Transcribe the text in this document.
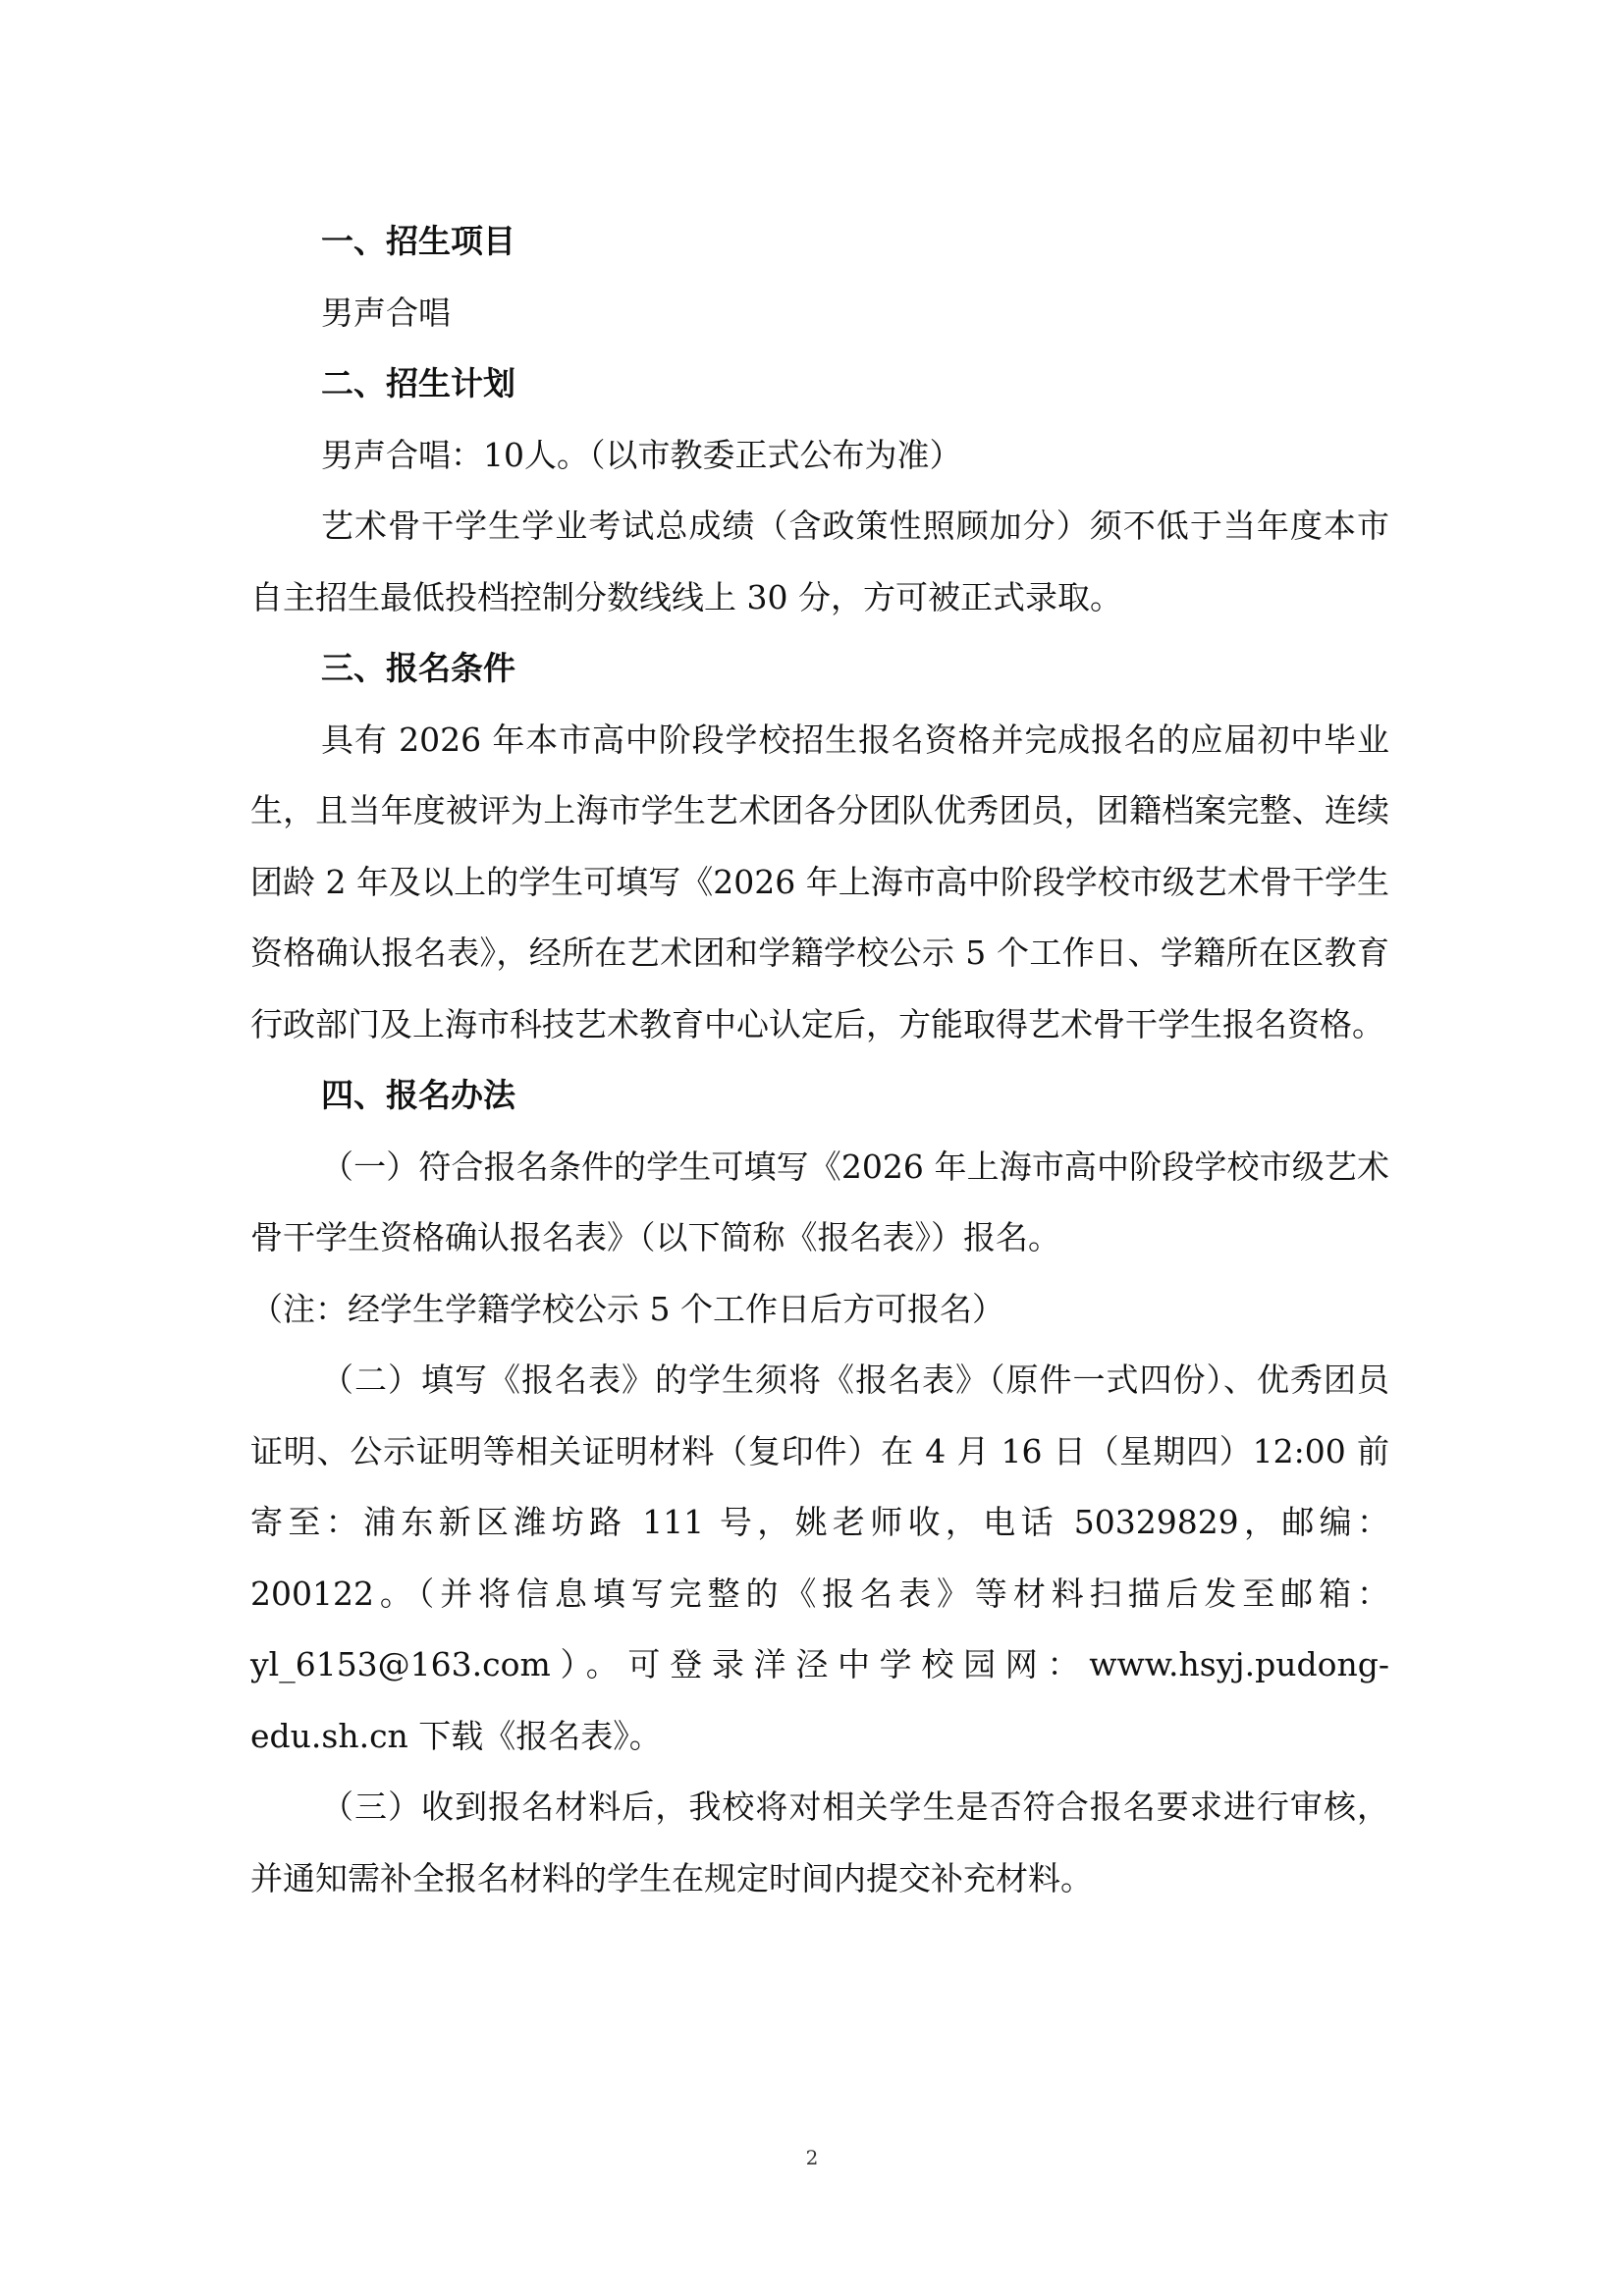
一、招生项目

男声合唱

二、招生计划

男声合唱：10人。（以市教委正式公布为准）

艺术骨干学生学业考试总成绩（含政策性照顾加分）须不低于当年度本市自主招生最低投档控制分数线线上 30 分，方可被正式录取。

三、报名条件

具有 2026 年本市高中阶段学校招生报名资格并完成报名的应届初中毕业生，且当年度被评为上海市学生艺术团各分团队优秀团员，团籍档案完整、连续团龄 2 年及以上的学生可填写《2026 年上海市高中阶段学校市级艺术骨干学生资格确认报名表》，经所在艺术团和学籍学校公示 5 个工作日、学籍所在区教育行政部门及上海市科技艺术教育中心认定后，方能取得艺术骨干学生报名资格。

四、报名办法

（一）符合报名条件的学生可填写《2026 年上海市高中阶段学校市级艺术骨干学生资格确认报名表》（以下简称《报名表》）报名。

（注：经学生学籍学校公示 5 个工作日后方可报名）

（二）填写《报名表》的学生须将《报名表》（原件一式四份）、优秀团员证明、公示证明等相关证明材料（复印件）在 4 月 16 日（星期四）12:00 前寄至：浦东新区潍坊路 111 号，姚老师收，电话 50329829，邮编：200122。（并将信息填写完整的《报名表》等材料扫描后发至邮箱：yl_6153@163.com）。可登录洋泾中学校园网：www.hsyj.pudong-edu.sh.cn 下载《报名表》。

（三）收到报名材料后，我校将对相关学生是否符合报名要求进行审核，并通知需补全报名材料的学生在规定时间内提交补充材料。

2
